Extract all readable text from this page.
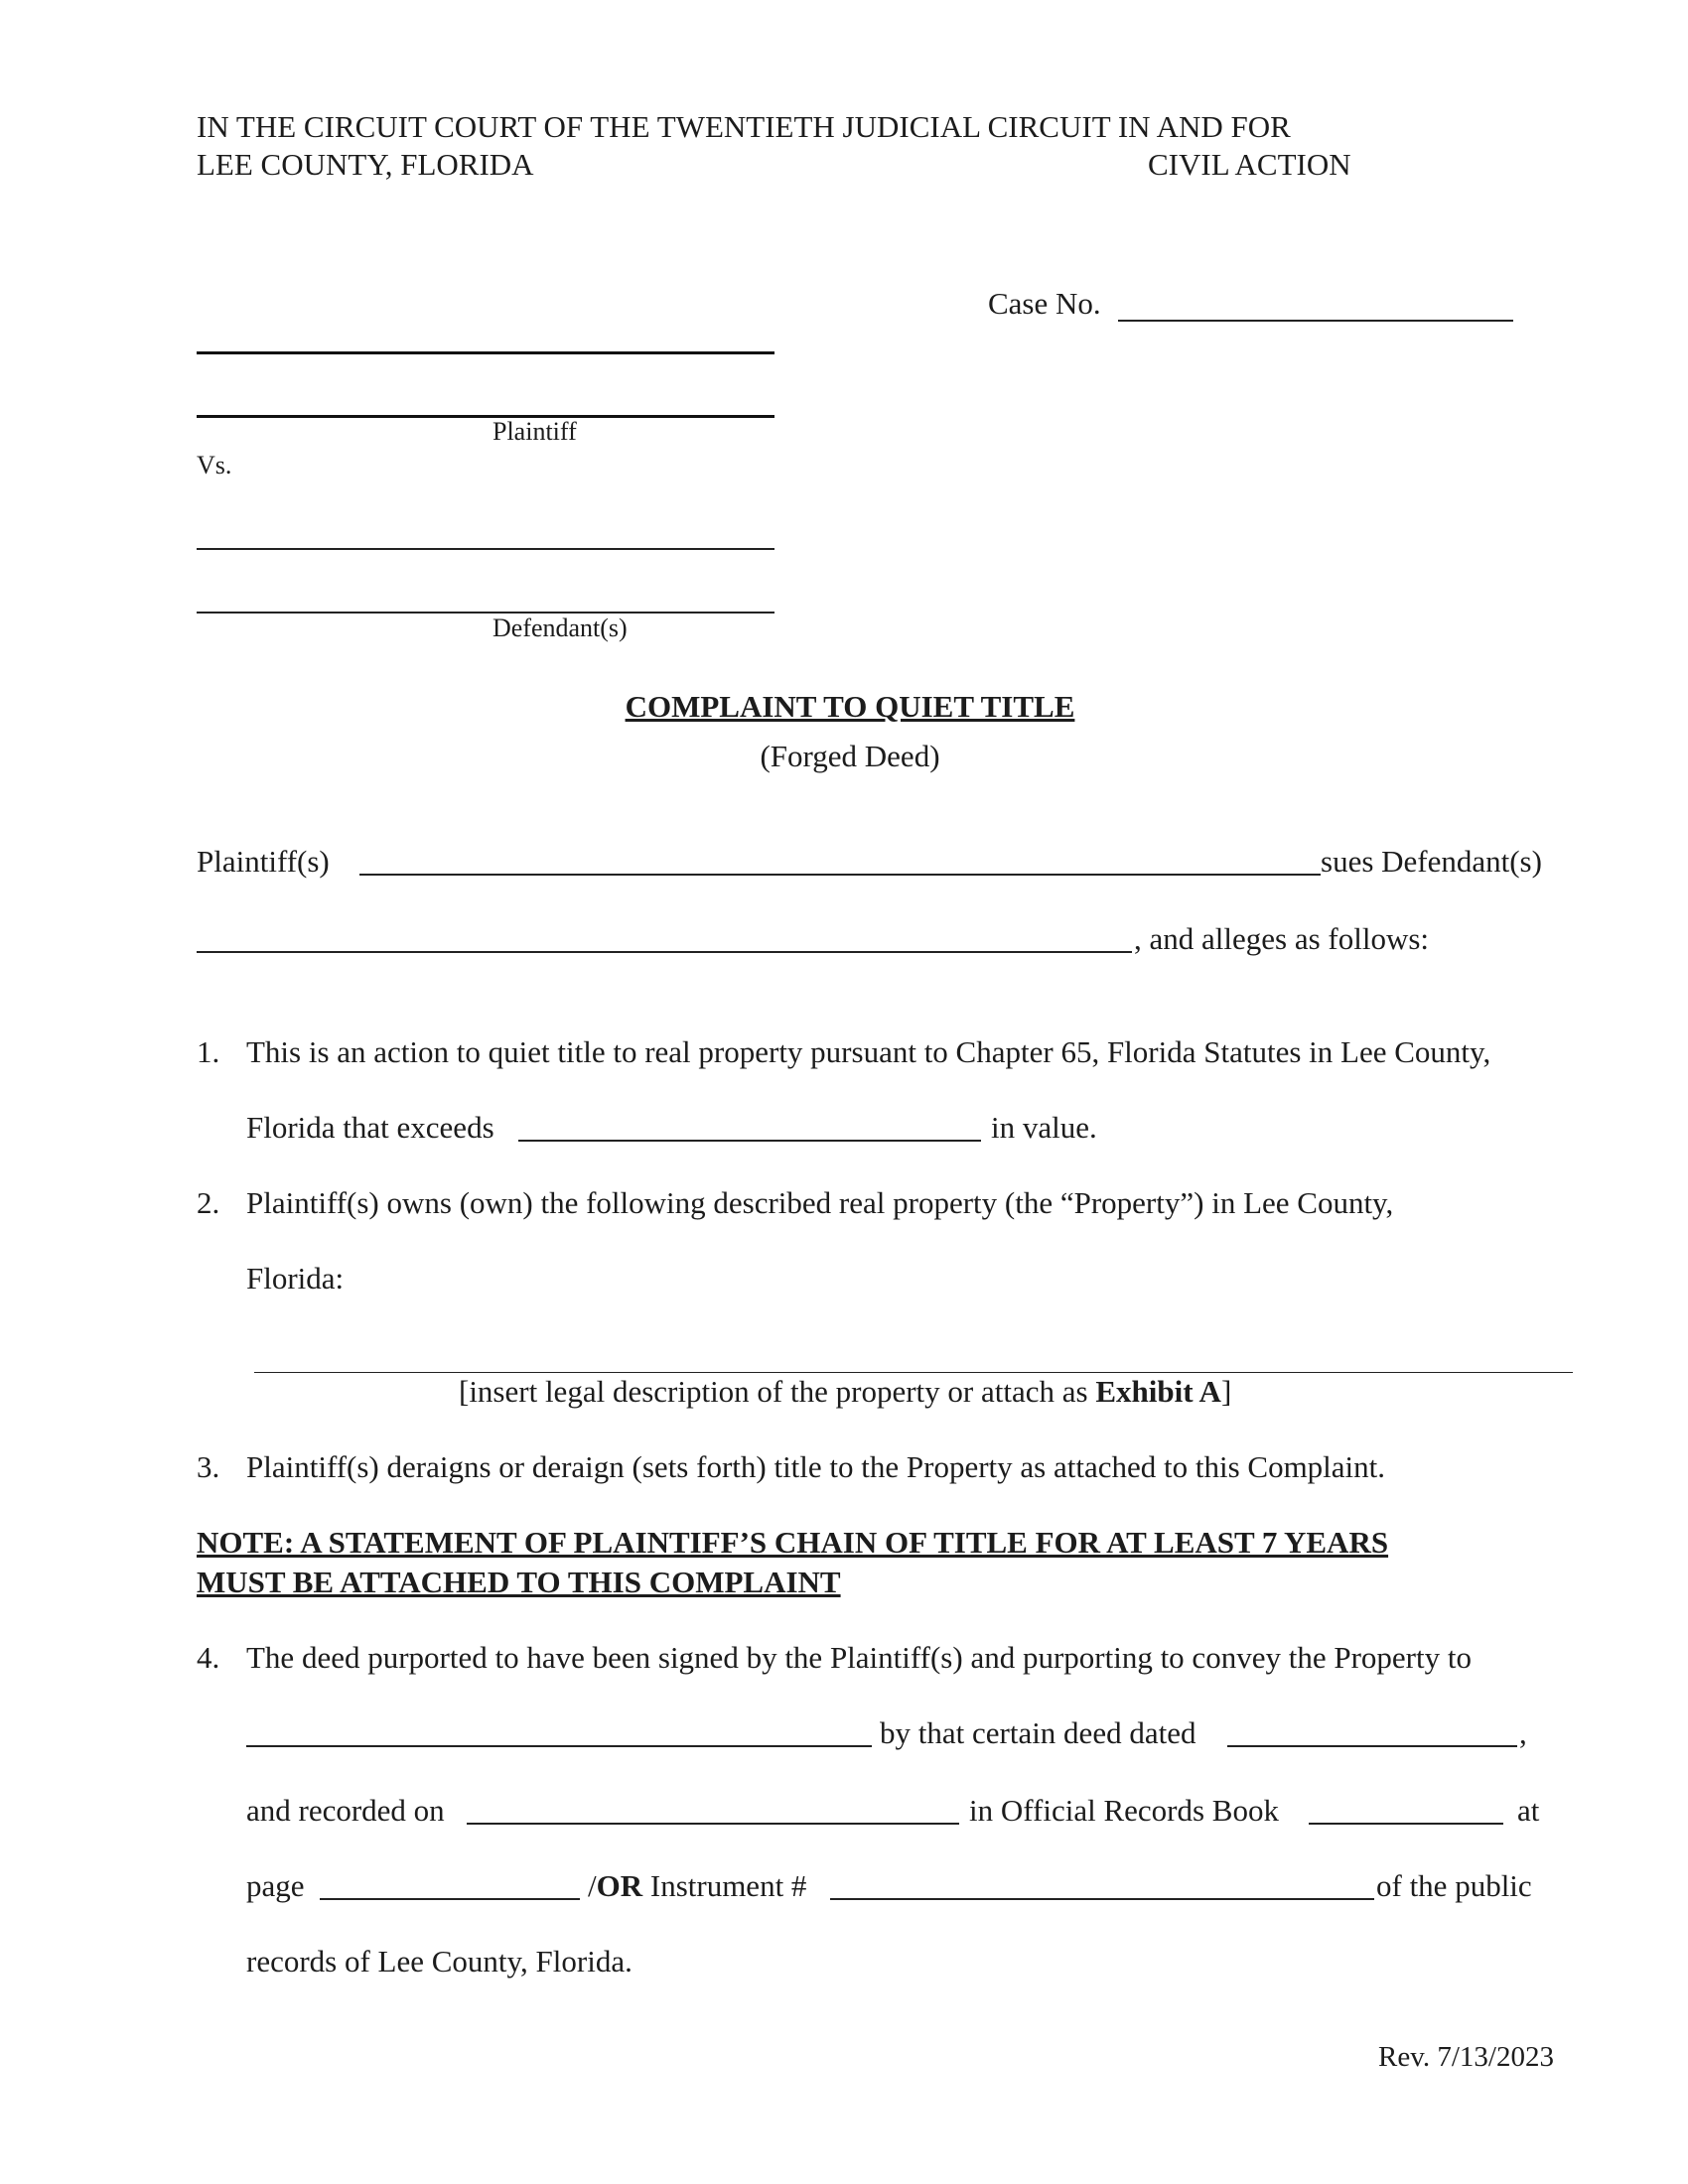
IN THE CIRCUIT COURT OF THE TWENTIETH JUDICIAL CIRCUIT IN AND FOR
LEE COUNTY, FLORIDA	CIVIL ACTION
Case No.
Plaintiff
Vs.
Defendant(s)
COMPLAINT TO QUIET TITLE
(Forged Deed)
Plaintiff(s)	sues Defendant(s)
, and alleges as follows:
1. This is an action to quiet title to real property pursuant to Chapter 65, Florida Statutes in Lee County,
Florida that exceeds	in value.
2. Plaintiff(s) owns (own) the following described real property (the “Property”) in Lee County,
Florida:
[insert legal description of the property or attach as Exhibit A]
3. Plaintiff(s) deraigns or deraign (sets forth) title to the Property as attached to this Complaint.
NOTE: A STATEMENT OF PLAINTIFF’S CHAIN OF TITLE FOR AT LEAST 7 YEARS
MUST BE ATTACHED TO THIS COMPLAINT
4. The deed purported to have been signed by the Plaintiff(s) and purporting to convey the Property to
by that certain deed dated	,
and recorded on	in Official Records Book	at
page	/OR Instrument #	of the public
records of Lee County, Florida.
Rev. 7/13/2023
